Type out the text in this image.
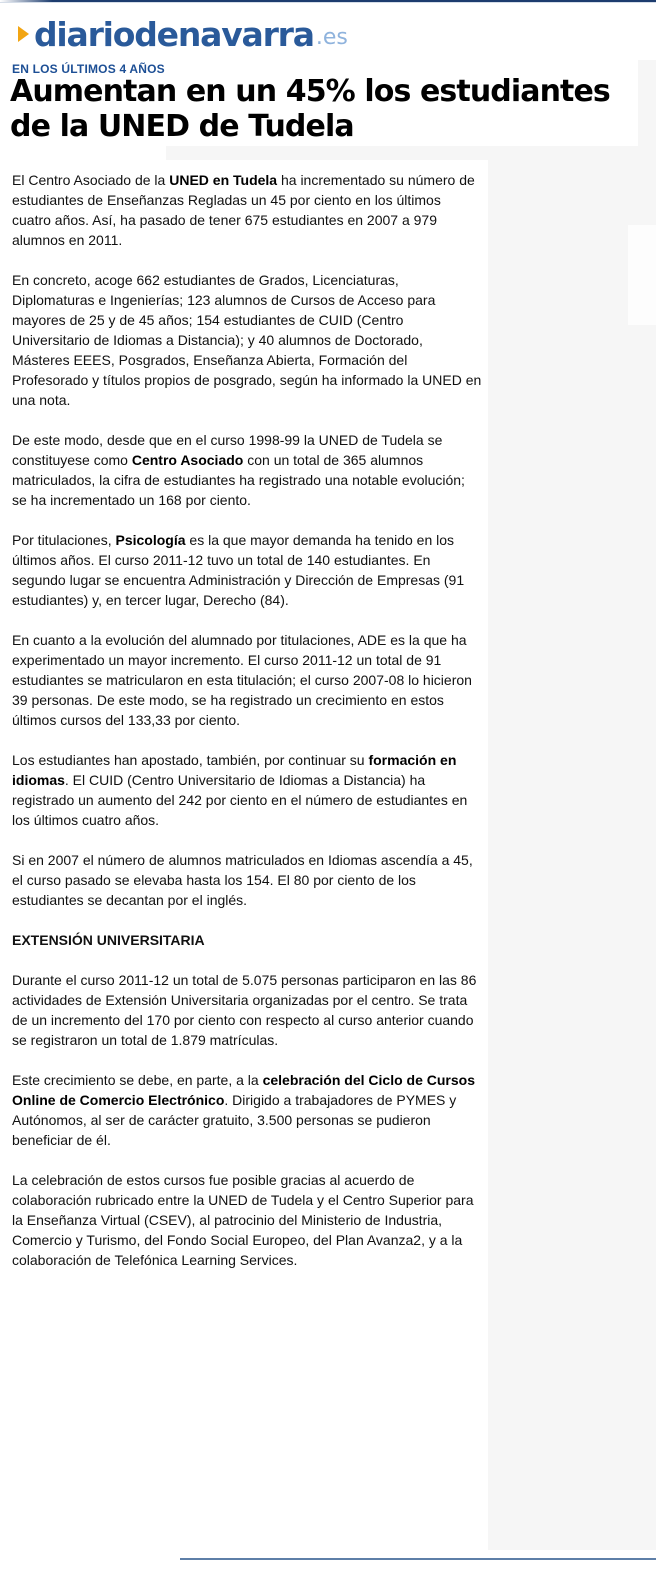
diariodenavarra .es
EN LOS ÚLTIMOS 4 AÑOS
Aumentan en un 45% los estudiantes de la UNED de Tudela

El Centro Asociado de la UNED en Tudela ha incrementado su número de estudiantes de Enseñanzas Regladas un 45 por ciento en los últimos cuatro años. Así, ha pasado de tener 675 estudiantes en 2007 a 979 alumnos en 2011.

En concreto, acoge 662 estudiantes de Grados, Licenciaturas, Diplomaturas e Ingenierías; 123 alumnos de Cursos de Acceso para mayores de 25 y de 45 años; 154 estudiantes de CUID (Centro Universitario de Idiomas a Distancia); y 40 alumnos de Doctorado, Másteres EEES, Posgrados, Enseñanza Abierta, Formación del Profesorado y títulos propios de posgrado, según ha informado la UNED en una nota.

De este modo, desde que en el curso 1998-99 la UNED de Tudela se constituyese como Centro Asociado con un total de 365 alumnos matriculados, la cifra de estudiantes ha registrado una notable evolución; se ha incrementado un 168 por ciento.

Por titulaciones, Psicología es la que mayor demanda ha tenido en los últimos años. El curso 2011-12 tuvo un total de 140 estudiantes. En segundo lugar se encuentra Administración y Dirección de Empresas (91 estudiantes) y, en tercer lugar, Derecho (84).

En cuanto a la evolución del alumnado por titulaciones, ADE es la que ha experimentado un mayor incremento. El curso 2011-12 un total de 91 estudiantes se matricularon en esta titulación; el curso 2007-08 lo hicieron 39 personas. De este modo, se ha registrado un crecimiento en estos últimos cursos del 133,33 por ciento.

Los estudiantes han apostado, también, por continuar su formación en idiomas. El CUID (Centro Universitario de Idiomas a Distancia) ha registrado un aumento del 242 por ciento en el número de estudiantes en los últimos cuatro años.

Si en 2007 el número de alumnos matriculados en Idiomas ascendía a 45, el curso pasado se elevaba hasta los 154. El 80 por ciento de los estudiantes se decantan por el inglés.

EXTENSIÓN UNIVERSITARIA

Durante el curso 2011-12 un total de 5.075 personas participaron en las 86 actividades de Extensión Universitaria organizadas por el centro. Se trata de un incremento del 170 por ciento con respecto al curso anterior cuando se registraron un total de 1.879 matrículas.

Este crecimiento se debe, en parte, a la celebración del Ciclo de Cursos Online de Comercio Electrónico. Dirigido a trabajadores de PYMES y Autónomos, al ser de carácter gratuito, 3.500 personas se pudieron beneficiar de él.

La celebración de estos cursos fue posible gracias al acuerdo de colaboración rubricado entre la UNED de Tudela y el Centro Superior para la Enseñanza Virtual (CSEV), al patrocinio del Ministerio de Industria, Comercio y Turismo, del Fondo Social Europeo, del Plan Avanza2, y a la colaboración de Telefónica Learning Services.
